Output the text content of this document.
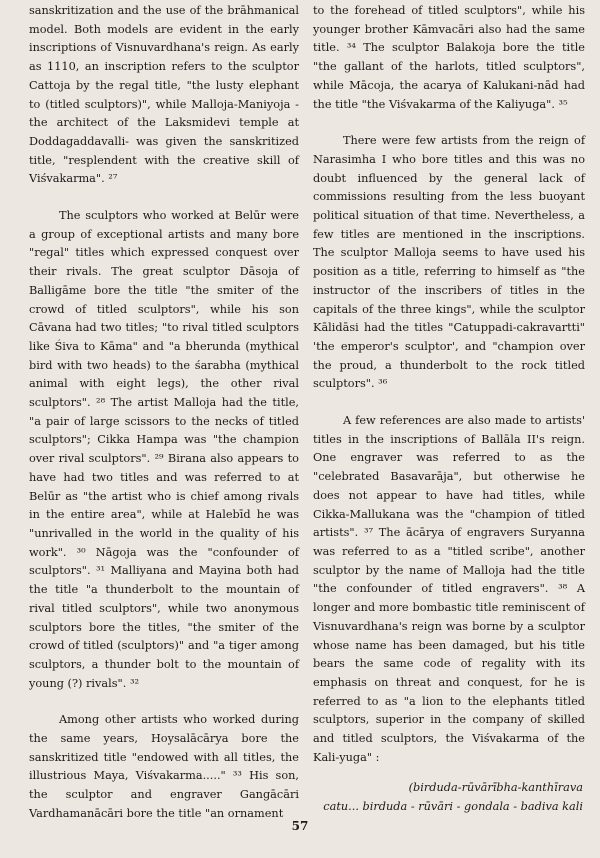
sanskritization and the use of the brāhmanical model. Both models are evident in the early inscriptions of Visnuvardhana's reign. As early as 1110, an inscription refers to the sculptor Cattoja by the regal title, "the lusty elephant to (titled sculptors)", while Malloja-Maniyoja - the architect of the Laksmidevi temple at Doddagaddavalli- was given the sanskritized title, "resplendent with the creative skill of Viśvakarma". ²⁷

The sculptors who worked at Belūr were a group of exceptional artists and many bore "regal" titles which expressed conquest over their rivals. The great sculptor Dāsoja of Balligāme bore the title "the smiter of the crowd of titled sculptors", while his son Cāvana had two titles; "to rival titled sculptors like Śiva to Kāma" and "a bherunda (mythical bird with two heads) to the śarabha (mythical animal with eight legs), the other rival sculptors". ²⁸ The artist Malloja had the title, "a pair of large scissors to the necks of titled sculptors"; Cikka Hampa was "the champion over rival sculptors". ²⁹ Birana also appears to have had two titles and was referred to at Belūr as "the artist who is chief among rivals in the entire area", while at Halebīd he was "unrivalled in the world in the quality of his work". ³⁰ Nāgoja was the "confounder of sculptors". ³¹ Malliyana and Mayina both had the title "a thunderbolt to the mountain of rival titled sculptors", while two anonymous sculptors bore the titles, "the smiter of the crowd of titled (sculptors)" and "a tiger among sculptors, a thunder bolt to the mountain of young (?) rivals". ³²

Among other artists who worked during the same years, Hoysalācārya bore the sanskritized title "endowed with all titles, the illustrious Maya, Viśvakarma....." ³³ His son, the sculptor and engraver Gangācāri Vardhamanācāri bore the title "an ornament

to the forehead of titled sculptors", while his younger brother Kāmvacāri also had the same title. ³⁴ The sculptor Balakoja bore the title "the gallant of the harlots, titled sculptors", while Mācoja, the acarya of Kalukani-nād had the title "the Viśvakarma of the Kaliyuga". ³⁵

There were few artists from the reign of Narasimha I who bore titles and this was no doubt influenced by the general lack of commissions resulting from the less buoyant political situation of that time. Nevertheless, a few titles are mentioned in the inscriptions. The sculptor Malloja seems to have used his position as a title, referring to himself as "the instructor of the inscribers of titles in the capitals of the three kings", while the sculptor Kālidāsi had the titles "Catuppadi-cakravartti" 'the emperor's sculptor', and "champion over the proud, a thunderbolt to the rock titled sculptors". ³⁶

A few references are also made to artists' titles in the inscriptions of Ballāla II's reign. One engraver was referred to as the "celebrated Basavarāja", but otherwise he does not appear to have had titles, while Cikka-Mallukana was the "champion of titled artists". ³⁷ The ācārya of engravers Suryanna was referred to as a "titled scribe", another sculptor by the name of Malloja had the title "the confounder of titled engravers". ³⁸ A longer and more bombastic title reminiscent of Visnuvardhana's reign was borne by a sculptor whose name has been damaged, but his title bears the same code of regality with its emphasis on threat and conquest, for he is referred to as "a lion to the elephants titled sculptors, superior in the company of skilled and titled sculptors, the Viśvakarma of the Kali-yuga" :

(birduda-rūvārībha-kanthīrava
catu... birduda - rūvāri - gondala - badiva kali
57
